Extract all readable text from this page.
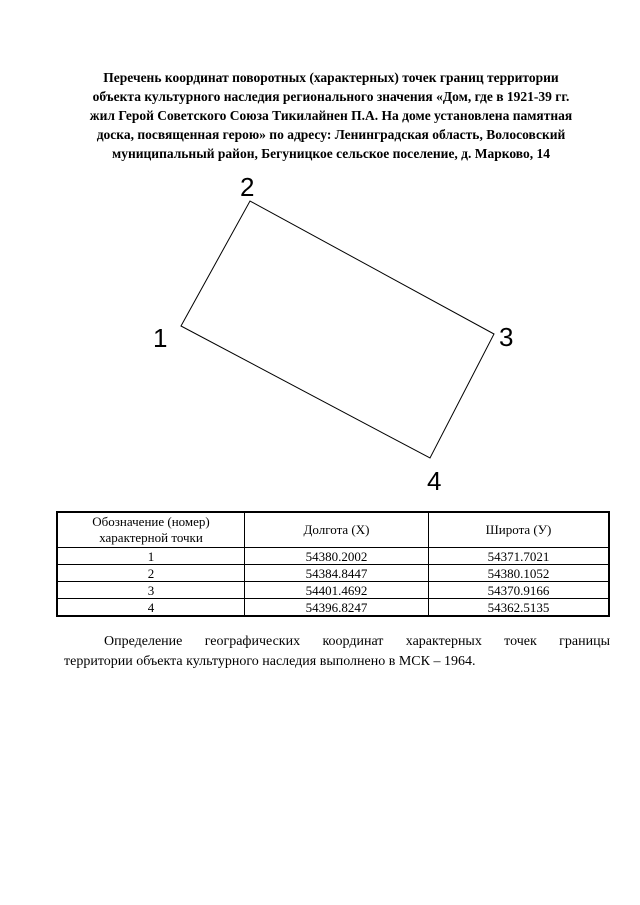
Перечень координат поворотных (характерных) точек границ территории
объекта культурного наследия регионального значения «Дом, где в 1921-39 гг.
жил Герой Советского Союза Тикилайнен П.А. На доме установлена памятная
доска, посвященная герою» по адресу: Ленинградская область, Волосовский
муниципальный район, Бегуницкое сельское поселение, д. Марково, 14
1
2
3
4
Обозначение (номер) характерной точки	Долгота (X)	Широта (У)
1	54380.2002	54371.7021
2	54384.8447	54380.1052
3	54401.4692	54370.9166
4	54396.8247	54362.5135
Определение географических координат характерных точек границы
территории объекта культурного наследия выполнено в МСК – 1964.
